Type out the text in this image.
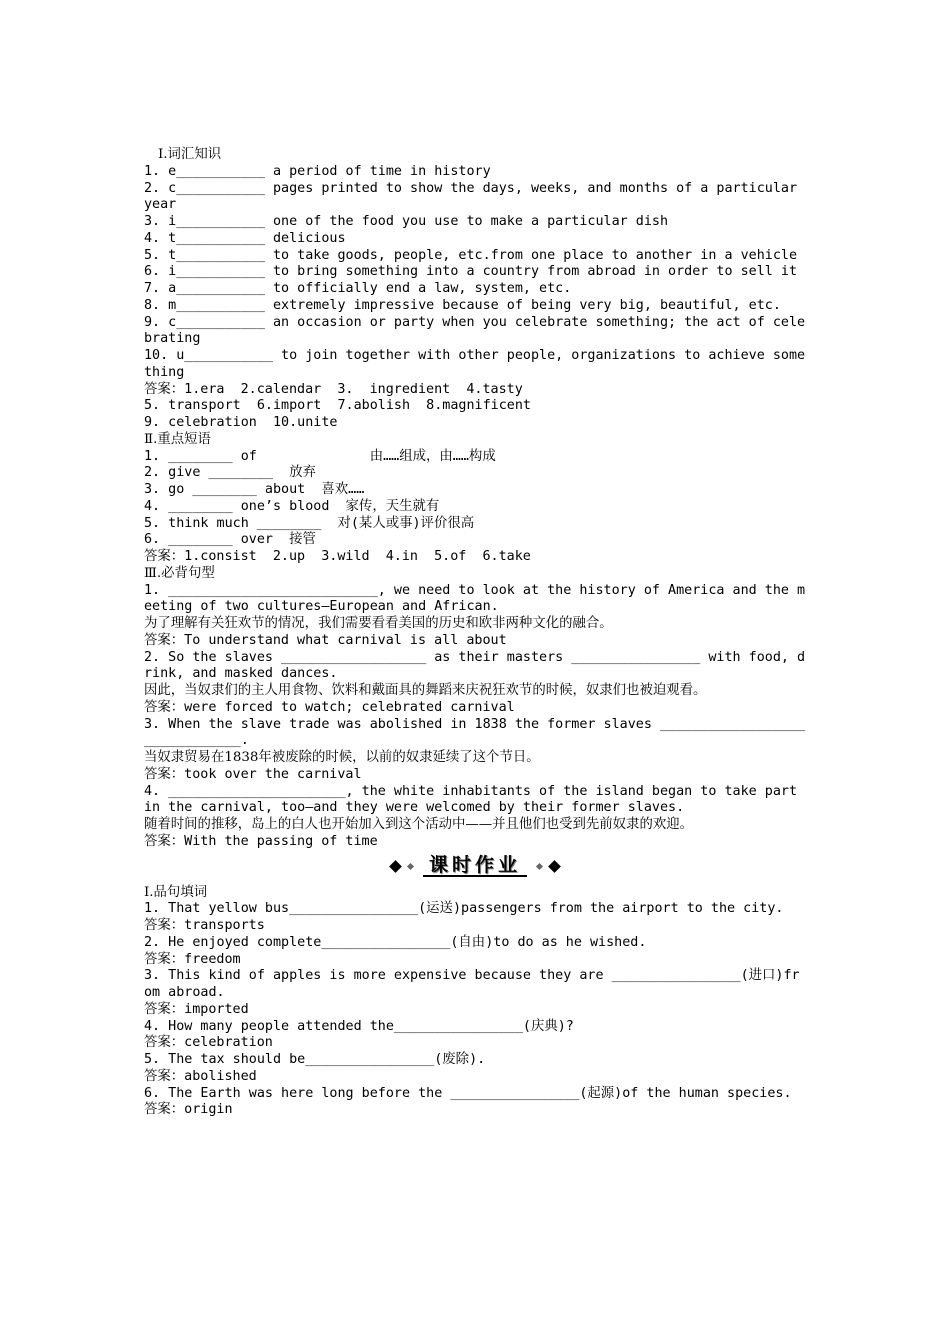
Ⅰ.词汇知识
1. e___________ a period of time in history
2. c___________ pages printed to show the days, weeks, and months of a particular year
3. i___________ one of the food you use to make a particular dish
4. t___________ delicious
5. t___________ to take goods, people, etc.from one place to another in a vehicle
6. i___________ to bring something into a country from abroad in order to sell it
7. a___________ to officially end a law, system, etc.
8. m___________ extremely impressive because of being very big, beautiful, etc.
9. c___________ an occasion or party when you celebrate something; the act of celebrating
10. u___________ to join together with other people, organizations to achieve something
答案：1.era  2.calendar  3.  ingredient  4.tasty
5. transport  6.import  7.abolish  8.magnificent
9. celebration  10.unite
Ⅱ.重点短语
1. ________ of              由……组成，由……构成
2. give ________  放弃
3. go ________ about  喜欢……
4. ________ one’s blood  家传，天生就有
5. think much ________  对(某人或事)评价很高
6. ________ over  接管
答案：1.consist  2.up  3.wild  4.in  5.of  6.take
Ⅲ.必背句型
1. __________________________, we need to look at the history of America and the meeting of two cultures—European and African.
为了理解有关狂欢节的情况，我们需要看看美国的历史和欧非两种文化的融合。
答案：To understand what carnival is all about
2. So the slaves __________________ as their masters ________________ with food, drink, and masked dances.
因此，当奴隶们的主人用食物、饮料和戴面具的舞蹈来庆祝狂欢节的时候，奴隶们也被迫观看。
答案：were forced to watch; celebrated carnival
3. When the slave trade was abolished in 1838 the former slaves ______________________________.
当奴隶贸易在1838年被废除的时候，以前的奴隶延续了这个节日。
答案：took over the carnival
4. ______________________, the white inhabitants of the island began to take part in the carnival, too—and they were welcomed by their former slaves.
随着时间的推移，岛上的白人也开始加入到这个活动中——并且他们也受到先前奴隶的欢迎。
答案：With the passing of time
课时作业
Ⅰ.品句填词
1. That yellow bus________________(运送)passengers from the airport to the city.
答案：transports
2. He enjoyed complete________________(自由)to do as he wished.
答案：freedom
3. This kind of apples is more expensive because they are ________________(进口)from abroad.
答案：imported
4. How many people attended the________________(庆典)?
答案：celebration
5. The tax should be________________(废除).
答案：abolished
6. The Earth was here long before the ________________(起源)of the human species.
答案：origin
